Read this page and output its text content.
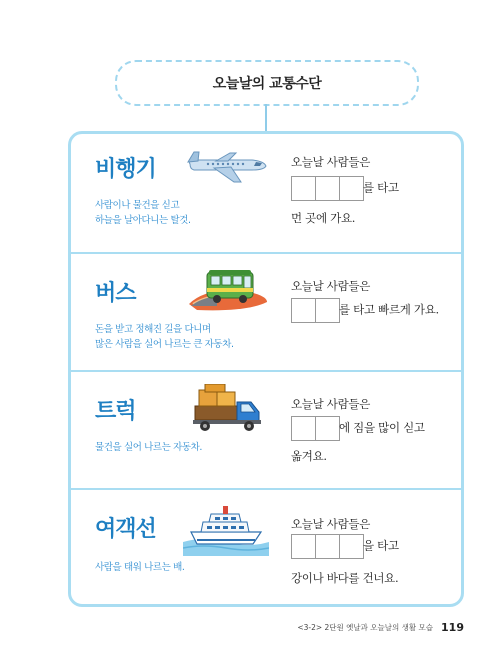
오늘날의 교통수단
비행기
사람이나 물건을 싣고
하늘을 날아다니는 탈것.
오늘날 사람들은
를 타고
먼 곳에 가요.
버스
돈을 받고 정해진 길을 다니며
많은 사람을 실어 나르는 큰 자동차.
오늘날 사람들은
를 타고 빠르게 가요.
트럭
물건을 실어 나르는 자동차.
오늘날 사람들은
에 짐을 많이 싣고
옮겨요.
여객선
사람을 태워 나르는 배.
오늘날 사람들은
을 타고
강이나 바다를 건너요.
<3-2> 2단원 옛날과 오늘날의 생활 모습 119
